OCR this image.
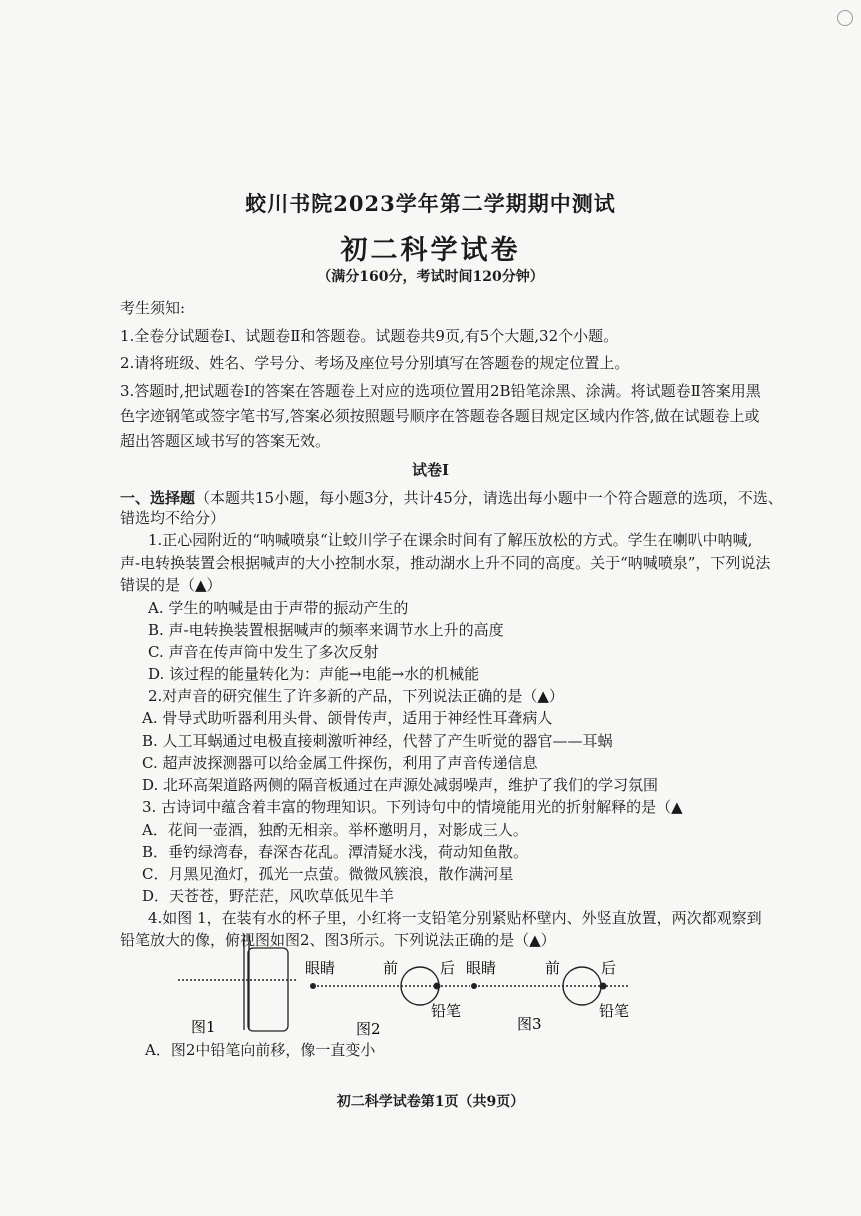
蛟川书院2023学年第二学期期中测试
初二科学试卷
（满分160分，考试时间120分钟）
考生须知:
1.全卷分试题卷Ⅰ、试题卷Ⅱ和答题卷。试题卷共9页,有5个大题,32个小题。
2.请将班级、姓名、学号分、考场及座位号分别填写在答题卷的规定位置上。
3.答题时,把试题卷Ⅰ的答案在答题卷上对应的选项位置用2B铅笔涂黑、涂满。将试题卷Ⅱ答案用黑
色字迹钢笔或签字笔书写,答案必须按照题号顺序在答题卷各题目规定区域内作答,做在试题卷上或
超出答题区域书写的答案无效。
试卷Ⅰ
一、选择题（本题共15小题，每小题3分，共计45分，请选出每小题中一个符合题意的选项，不选、
错选均不给分）
1.正心园附近的“呐喊喷泉“让蛟川学子在课余时间有了解压放松的方式。学生在喇叭中呐喊,
声-电转换装置会根据喊声的大小控制水泵，推动湖水上升不同的高度。关于“呐喊喷泉”，下列说法
错误的是（▲）
A. 学生的呐喊是由于声带的振动产生的
B. 声-电转换装置根据喊声的频率来调节水上升的高度
C. 声音在传声筒中发生了多次反射
D. 该过程的能量转化为：声能→电能→水的机械能
2.对声音的研究催生了许多新的产品，下列说法正确的是（▲）
A. 骨导式助听器利用头骨、颌骨传声，适用于神经性耳聋病人
B. 人工耳蜗通过电极直接刺激听神经，代替了产生听觉的器官——耳蜗
C. 超声波探测器可以给金属工件探伤，利用了声音传递信息
D. 北环高架道路两侧的隔音板通过在声源处减弱噪声，维护了我们的学习氛围
3. 古诗词中蕴含着丰富的物理知识。下列诗句中的情境能用光的折射解释的是（▲
A．花间一壶酒，独酌无相亲。举杯邀明月，对影成三人。
B．垂钓绿湾春，春深杏花乱。潭清疑水浅，荷动知鱼散。
C．月黑见渔灯，孤光一点萤。微微风簇浪，散作满河星
D．天苍苍，野茫茫，风吹草低见牛羊
4.如图 1，在装有水的杯子里，小红将一支铅笔分别紧贴杯壁内、外竖直放置，两次都观察到
铅笔放大的像，俯视图如图2、图3所示。下列说法正确的是（▲）
图1
眼睛	前	后
铅笔
图2
眼睛	前	后
铅笔
图3
A．图2中铅笔向前移，像一直变小
初二科学试卷第1页（共9页）
